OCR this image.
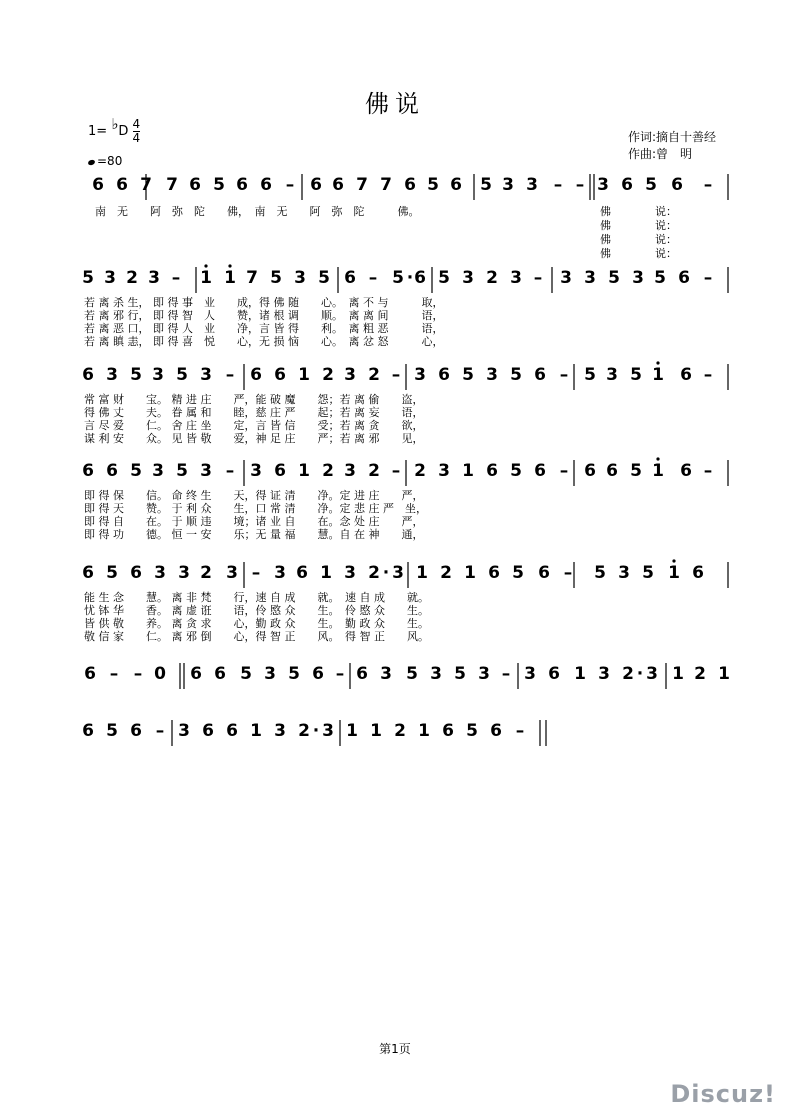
佛说
1= ♭D $\frac{4}{4}$
=80
作词:摘自十善经
作曲:曾　明
6 6 7 7 6 5 6 6 – 6 6 7 7 6 5 6 5 3 3 – – 3 6 5 6 –
南　无　　阿　弥　陀　　佛，　南　无　　阿　弥　陀　　　佛。	佛　　　　说：
佛　　　　说：
佛　　　　说：
佛　　　　说：
5 3 2 3 – 1 1 7 5 3 5 6 – 5 · 6 5 3 2 3 – 3 3 5 3 5 6 –
若 离 杀 生， 即 得 事　业　　成，得 佛 随　　心。　离 不 与　　　取，
若 离 邪 行， 即 得 智　人　　赞，诸 根 调　　顺。　离 离 间　　　语，
若 离 恶 口， 即 得 人　业　　净，言 皆 得　　利。　离 粗 恶　　　语，
若 离 瞋 恚， 即 得 喜　悦　　心，无 损 恼　　心。　离 忿 怒　　　心，
6 3 5 3 5 3 – 6 6 1 2 3 2 – 3 6 5 3 5 6 – 5 3 5 1 6 –
常 富 财　　宝。 精 进 庄　　严，能 破 魔　　怨；若 离 偷　　盗，
得 佛 丈　　夫。 眷 属 和　　睦，慈 庄 严　　起；若 离 妄　　语，
言 尽 爱　　仁。 舍 庄 坐　　定，言 皆 信　　受；若 离 贪　　欲，
谋 利 安　　众。 见 皆 敬　　爱，神 足 庄　　严；若 离 邪　　见，
6 6 5 3 5 3 – 3 6 1 2 3 2 – 2 3 1 6 5 6 – 6 6 5 1 6 –
即 得 保　　信。 命 终 生　　天，得 证 清　　净。定 进 庄　　严，
即 得 天　　赞。 于 利 众　　生，口 常 清　　净。定 悲 庄 严　坐，
即 得 自　　在。 于 顺 违　　境；诸 业 自　　在。念 处 庄　　严，
即 得 功　　德。 恒 一 安　　乐；无 量 福　　慧。自 在 神　　通，
6 5 6 3 3 2 3 – 3 6 1 3 2 · 3 1 2 1 6 5 6 – 5 3 5 1 6
能 生 念　　慧。 离 非 梵　　行，速 自 成　　就。　速 自 成　　就。
忧 钵 华　　香。 离 虚 诳　　语，伶 愍 众　　生。　伶 愍 众　　生。
皆 供 敬　　养。 离 贪 求　　心，勤 政 众　　生。　勤 政 众　　生。
敬 信 家　　仁。 离 邪 倒　　心，得 智 正　　风。　得 智 正　　风。
6 – – 0 6 6 5 3 5 6 – 6 3 5 3 5 3 – 3 6 1 3 2 · 3 1 2 1
6 5 6 – 3 6 6 1 3 2 · 3 1 1 2 1 6 5 6 –
第1页
Discuz!
